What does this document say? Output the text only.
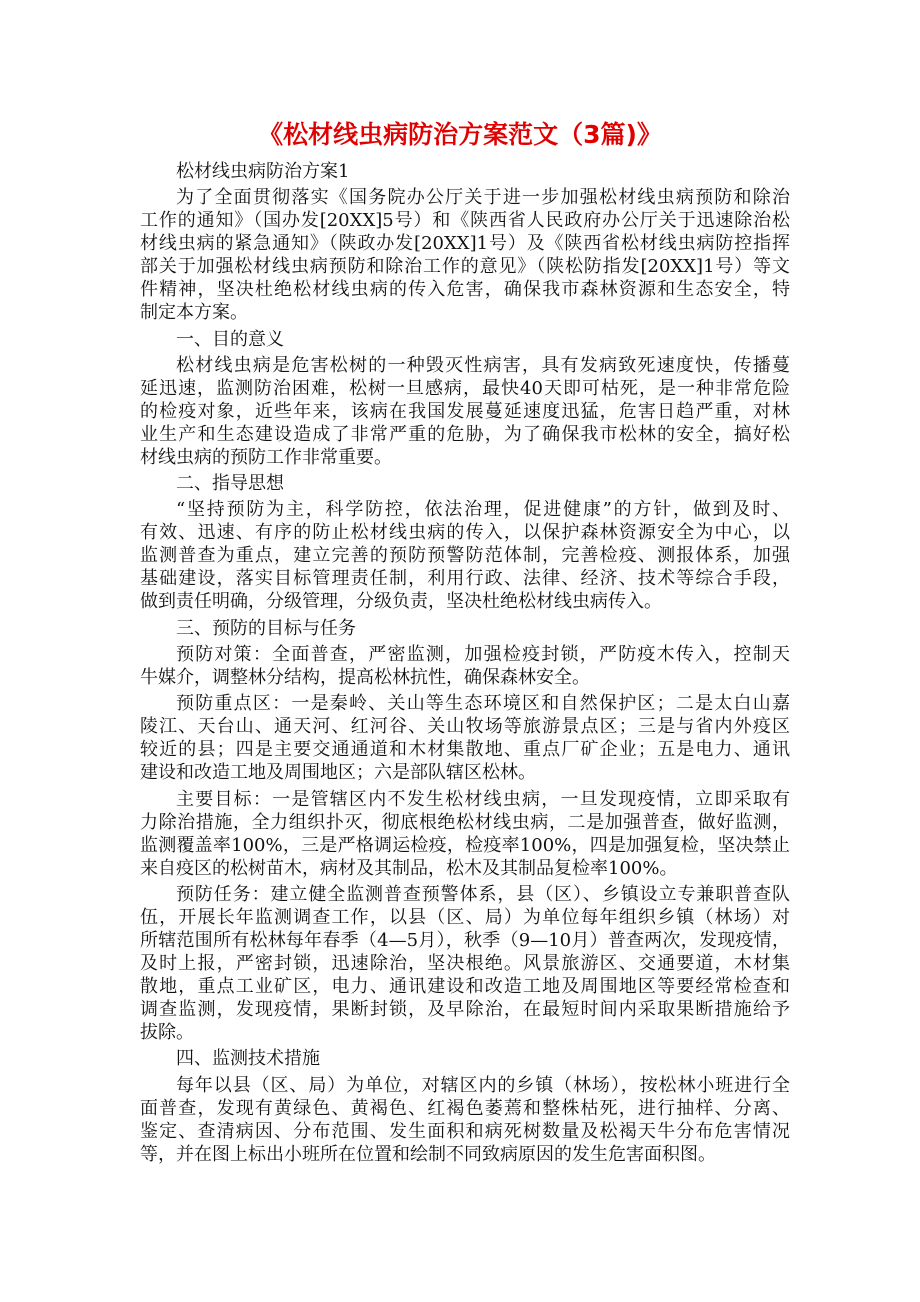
《松材线虫病防治方案范文（3篇)》
松材线虫病防治方案1
为了全面贯彻落实《国务院办公厅关于进一步加强松材线虫病预防和除治
工作的通知》（国办发[20XX]5号）和《陕西省人民政府办公厅关于迅速除治松
材线虫病的紧急通知》（陕政办发[20XX]1号）及《陕西省松材线虫病防控指挥
部关于加强松材线虫病预防和除治工作的意见》（陕松防指发[20XX]1号）等文
件精神，坚决杜绝松材线虫病的传入危害，确保我市森林资源和生态安全，特
制定本方案。
一、目的意义
松材线虫病是危害松树的一种毁灭性病害，具有发病致死速度快，传播蔓
延迅速，监测防治困难，松树一旦感病，最快40天即可枯死，是一种非常危险
的检疫对象，近些年来，该病在我国发展蔓延速度迅猛，危害日趋严重，对林
业生产和生态建设造成了非常严重的危胁，为了确保我市松林的安全，搞好松
材线虫病的预防工作非常重要。
二、指导思想
“坚持预防为主，科学防控，依法治理，促进健康”的方针，做到及时、
有效、迅速、有序的防止松材线虫病的传入，以保护森林资源安全为中心，以
监测普查为重点，建立完善的预防预警防范体制，完善检疫、测报体系，加强
基础建设，落实目标管理责任制，利用行政、法律、经济、技术等综合手段，
做到责任明确，分级管理，分级负责，坚决杜绝松材线虫病传入。
三、预防的目标与任务
预防对策：全面普查，严密监测，加强检疫封锁，严防疫木传入，控制天
牛媒介，调整林分结构，提高松林抗性，确保森林安全。
预防重点区：一是秦岭、关山等生态环境区和自然保护区；二是太白山嘉
陵江、天台山、通天河、红河谷、关山牧场等旅游景点区；三是与省内外疫区
较近的县；四是主要交通通道和木材集散地、重点厂矿企业；五是电力、通讯
建设和改造工地及周围地区；六是部队辖区松林。
主要目标：一是管辖区内不发生松材线虫病，一旦发现疫情，立即采取有
力除治措施，全力组织扑灭，彻底根绝松材线虫病，二是加强普查，做好监测，
监测覆盖率100%，三是严格调运检疫，检疫率100%，四是加强复检，坚决禁止
来自疫区的松树苗木，病材及其制品，松木及其制品复检率100%。
预防任务：建立健全监测普查预警体系，县（区）、乡镇设立专兼职普查队
伍，开展长年监测调查工作，以县（区、局）为单位每年组织乡镇（林场）对
所辖范围所有松林每年春季（4—5月），秋季（9—10月）普查两次，发现疫情，
及时上报，严密封锁，迅速除治，坚决根绝。风景旅游区、交通要道，木材集
散地，重点工业矿区，电力、通讯建设和改造工地及周围地区等要经常检查和
调查监测，发现疫情，果断封锁，及早除治，在最短时间内采取果断措施给予
拔除。
四、监测技术措施
每年以县（区、局）为单位，对辖区内的乡镇（林场），按松林小班进行全
面普查，发现有黄绿色、黄褐色、红褐色萎蔫和整株枯死，进行抽样、分离、
鉴定、查清病因、分布范围、发生面积和病死树数量及松褐天牛分布危害情况
等，并在图上标出小班所在位置和绘制不同致病原因的发生危害面积图。
